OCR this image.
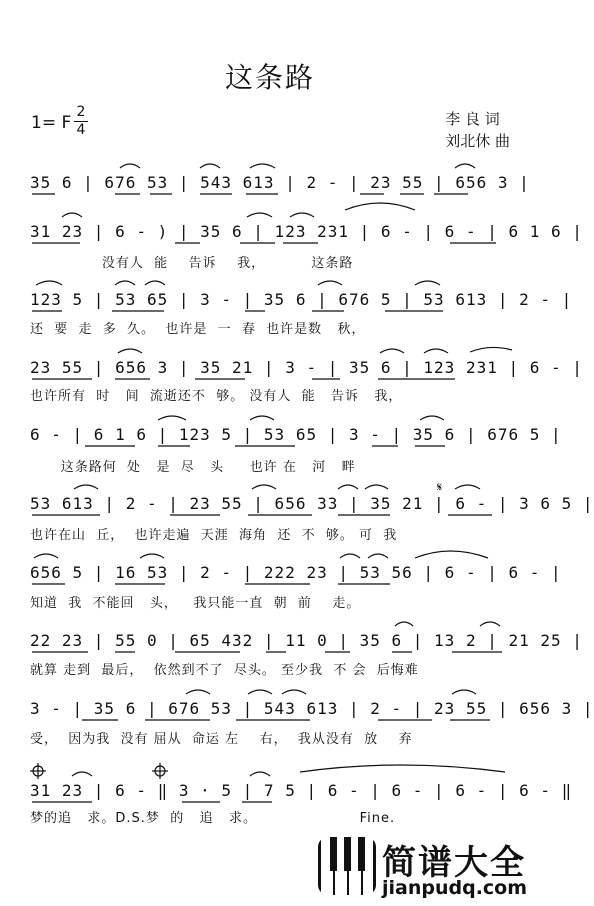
这条路
1= F
2
4
李 良 词
刘北休 曲
35 6 | 676 53 | 543 613 | 2 - | 23 55 | 656 3 |
31 23 | 6 - ) | 35 6 | 123 231 | 6 - | 6 - | 6 1 6 |
没有人  能    告诉    我，         这条路
123 5 | 53 65 | 3 - | 35 6 | 676 5 | 53 613 | 2 - |
还  要  走  多  久。  也许是  一  春  也许是数   秋，
23 55 | 656 3 | 35 21 | 3 - | 35 6 | 123 231 | 6 - |
也许所有  时   间  流逝还不  够。 没有人  能   告诉   我，
6 - | 6 1 6 | 123 5 | 53 65 | 3 - | 35 6 | 676 5 |
这条路何  处   是  尽   头     也许 在   河   畔
53 613 | 2 - | 23 55 | 656 33 | 35 21 | 6 - | 3 6 5 |
也许在山  丘，  也许走遍  天涯  海角  还  不  够。 可  我
656 5 | 16 53 | 2 - | 222 23 | 53 56 | 6 - | 6 - |
知道  我  不能回   头，   我只能一直  朝  前    走。
22 23 | 55 0 | 65 432 | 11 0 | 35 6 | 13 2 | 21 25 |
就算 走到  最后，  依然到不了  尽头。 至少我  不 会  后悔难
3 - | 35 6 | 676 53 | 543 613 | 2 - | 23 55 | 656 3 |
受，  因为我  没有 屈从  命运 左    右，  我从没有  放    弃
31 23 | 6 - ‖ 3 · 5 | 7 5 | 6 - | 6 - | 6 - | 6 - ‖
梦的追   求。D.S.梦  的   追   求。                    Fine.
𝄋
简谱大全
jianpudq.com
